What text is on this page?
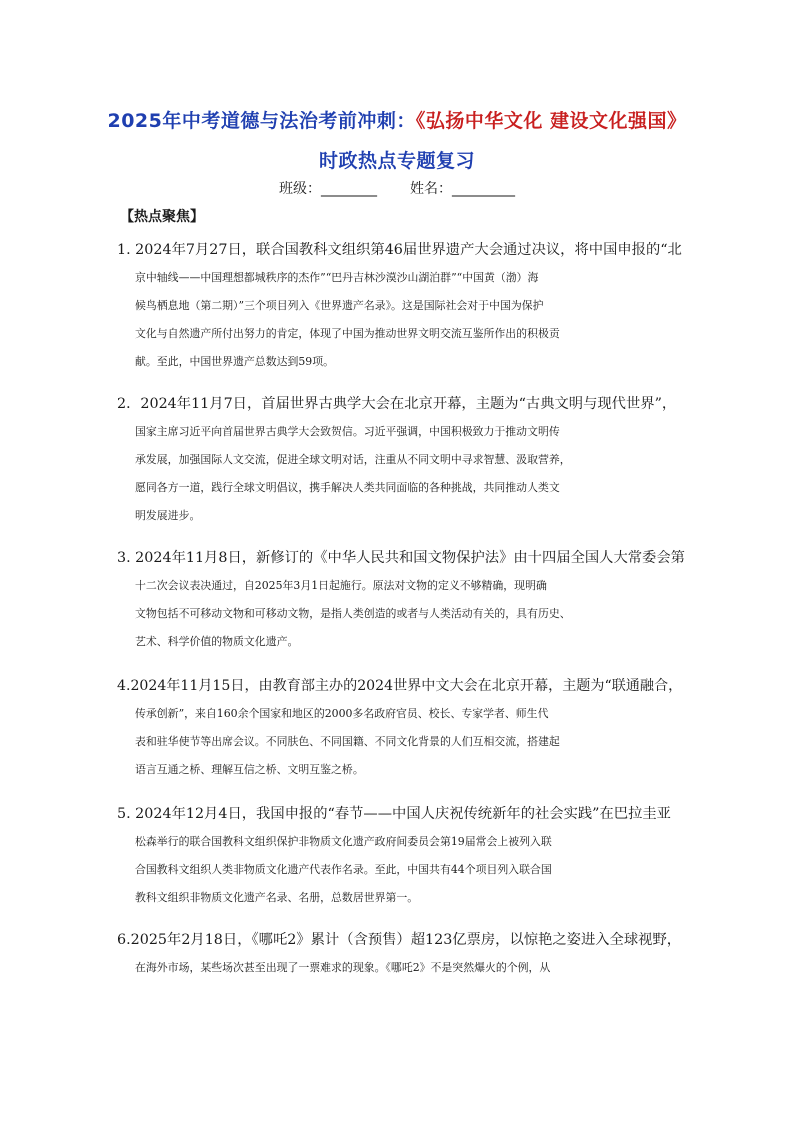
2025年中考道德与法治考前冲刺：《弘扬中华文化 建设文化强国》
时政热点专题复习
班级：________ 姓名：_________
【热点聚焦】
1. 2024年7月27日，联合国教科文组织第46届世界遗产大会通过决议，将中国申报的“北
京中轴线——中国理想都城秩序的杰作”“巴丹吉林沙漠沙山湖泊群”“中国黄（渤）海
候鸟栖息地（第二期）”三个项目列入《世界遗产名录》。这是国际社会对于中国为保护
文化与自然遗产所付出努力的肯定，体现了中国为推动世界文明交流互鉴所作出的积极贡
献。至此，中国世界遗产总数达到59项。
2．2024年11月7日，首届世界古典学大会在北京开幕，主题为“古典文明与现代世界”，
国家主席习近平向首届世界古典学大会致贺信。习近平强调，中国积极致力于推动文明传
承发展，加强国际人文交流，促进全球文明对话，注重从不同文明中寻求智慧、汲取营养，
愿同各方一道，践行全球文明倡议，携手解决人类共同面临的各种挑战，共同推动人类文
明发展进步。
3. 2024年11月8日，新修订的《中华人民共和国文物保护法》由十四届全国人大常委会第
十二次会议表决通过，自2025年3月1日起施行。原法对文物的定义不够精确，现明确
文物包括不可移动文物和可移动文物，是指人类创造的或者与人类活动有关的，具有历史、
艺术、科学价值的物质文化遗产。
4.2024年11月15日，由教育部主办的2024世界中文大会在北京开幕，主题为“联通融合，
传承创新”，来自160余个国家和地区的2000多名政府官员、校长、专家学者、师生代
表和驻华使节等出席会议。不同肤色、不同国籍、不同文化背景的人们互相交流，搭建起
语言互通之桥、理解互信之桥、文明互鉴之桥。
5. 2024年12月4日，我国申报的“春节——中国人庆祝传统新年的社会实践”在巴拉圭亚
松森举行的联合国教科文组织保护非物质文化遗产政府间委员会第19届常会上被列入联
合国教科文组织人类非物质文化遗产代表作名录。至此，中国共有44个项目列入联合国
教科文组织非物质文化遗产名录、名册，总数居世界第一。
6.2025年2月18日，《哪吒2》累计（含预售）超123亿票房，以惊艳之姿进入全球视野，
在海外市场，某些场次甚至出现了一票难求的现象。《哪吒2》不是突然爆火的个例，从
